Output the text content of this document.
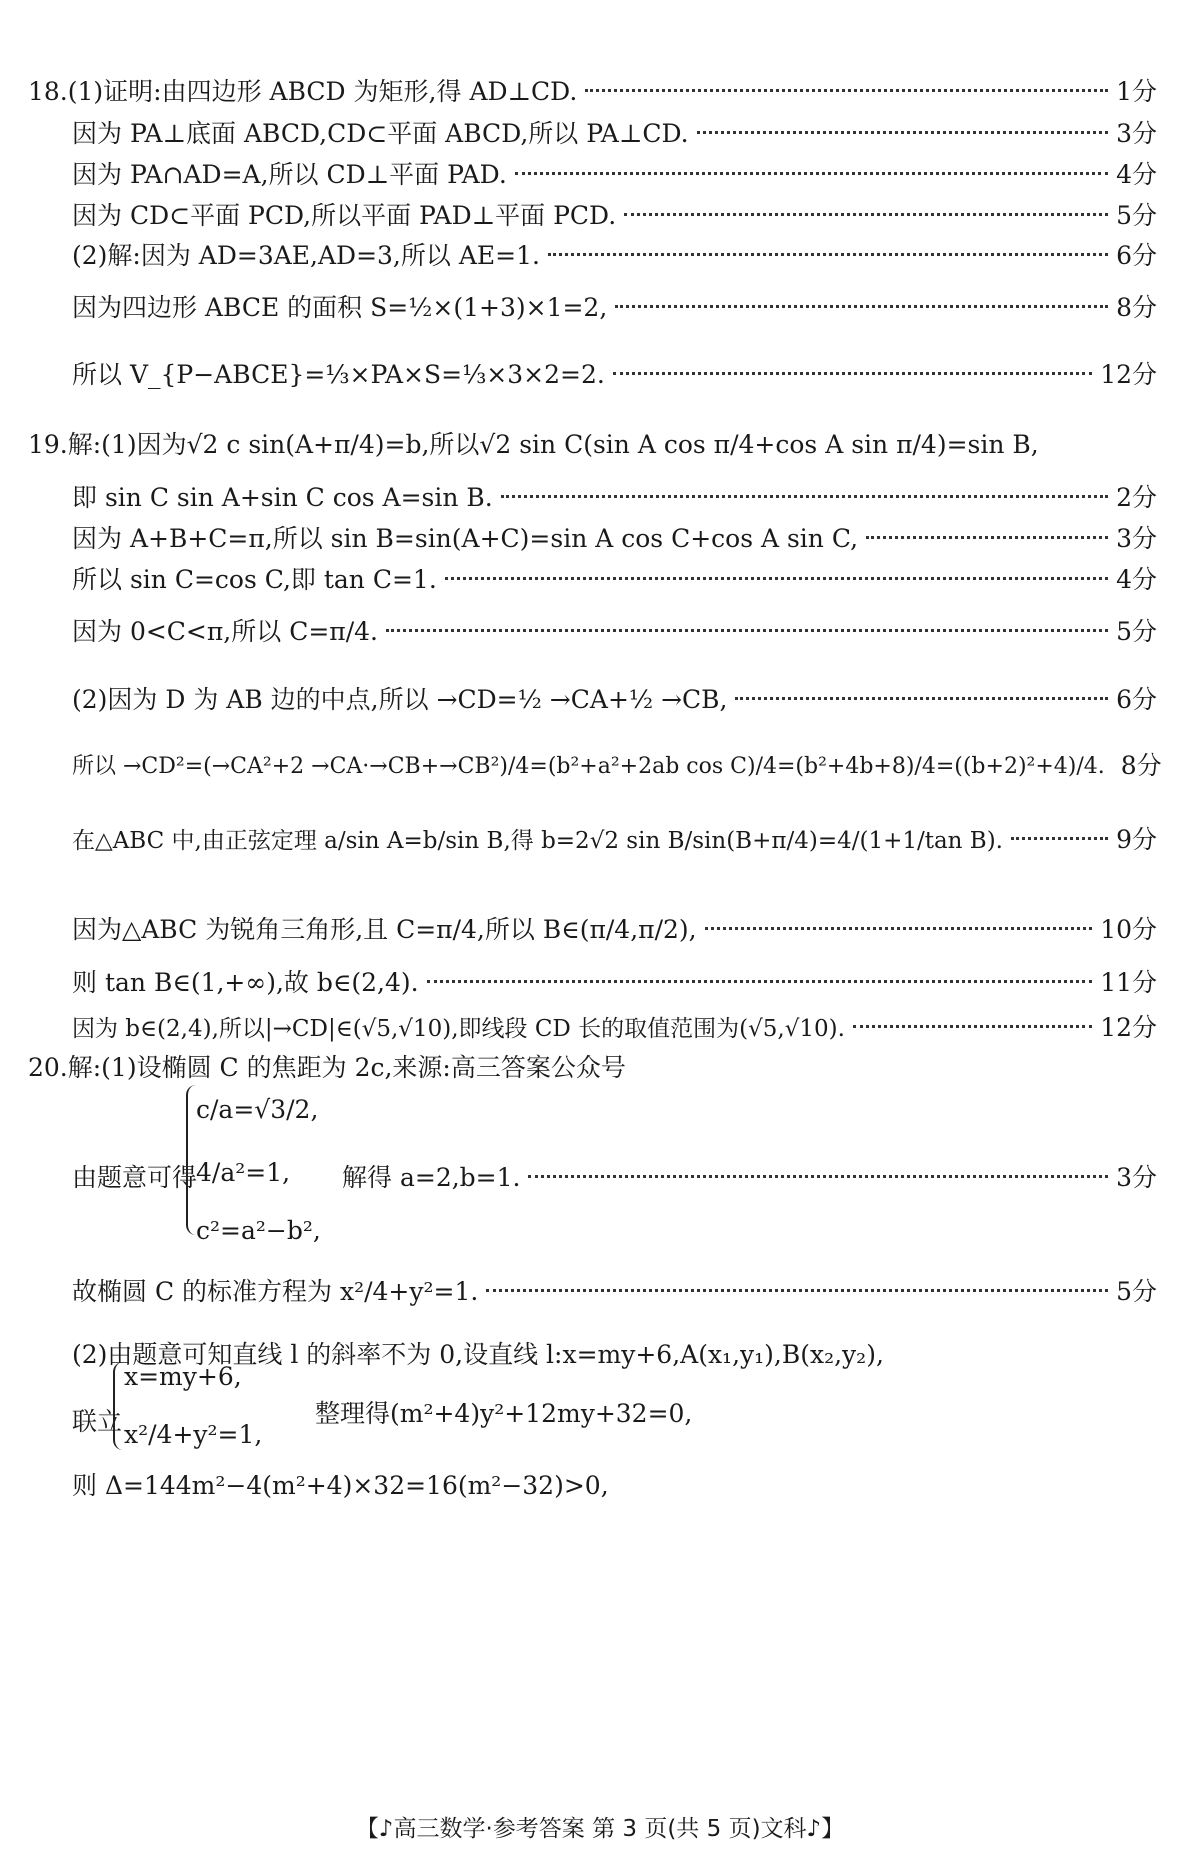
18.(1)证明:由四边形 ABCD 为矩形,得 AD⊥CD.	1分
因为 PA⊥底面 ABCD,CD⊂平面 ABCD,所以 PA⊥CD.	3分
因为 PA∩AD=A,所以 CD⊥平面 PAD.	4分
因为 CD⊂平面 PCD,所以平面 PAD⊥平面 PCD.	5分
(2)解:因为 AD=3AE,AD=3,所以 AE=1.	6分
因为四边形 ABCE 的面积 S=½×(1+3)×1=2,	8分
所以 V_{P−ABCE}=⅓×PA×S=⅓×3×2=2.	12分
19.解:(1)因为√2 c sin(A+π/4)=b,所以√2 sin C(sin A cos π/4+cos A sin π/4)=sin B,
即 sin C sin A+sin C cos A=sin B.	2分
因为 A+B+C=π,所以 sin B=sin(A+C)=sin A cos C+cos A sin C,	3分
所以 sin C=cos C,即 tan C=1.	4分
因为 0<C<π,所以 C=π/4.	5分
(2)因为 D 为 AB 边的中点,所以 →CD=½ →CA+½ →CB,	6分
所以 →CD²=(→CA²+2 →CA·→CB+→CB²)/4=(b²+a²+2ab cos C)/4=(b²+4b+8)/4=((b+2)²+4)/4. 8分
在△ABC 中,由正弦定理 a/sin A=b/sin B,得 b=2√2 sin B/sin(B+π/4)=4/(1+1/tan B).	9分
因为△ABC 为锐角三角形,且 C=π/4,所以 B∈(π/4,π/2),	10分
则 tan B∈(1,+∞),故 b∈(2,4).	11分
因为 b∈(2,4),所以|→CD|∈(√5,√10),即线段 CD 长的取值范围为(√5,√10).	12分
20.解:(1)设椭圆 C 的焦距为 2c,来源:高三答案公众号
由题意可得	解得 a=2,b=1.	3分
c/a=√3/2,
4/a²=1,
c²=a²−b²,
故椭圆 C 的标准方程为 x²/4+y²=1.	5分
(2)由题意可知直线 l 的斜率不为 0,设直线 l:x=my+6,A(x₁,y₁),B(x₂,y₂),
联立
x=my+6,
x²/4+y²=1,
整理得(m²+4)y²+12my+32=0,
则 Δ=144m²−4(m²+4)×32=16(m²−32)>0,
【♪高三数学·参考答案 第 3 页(共 5 页)文科♪】
